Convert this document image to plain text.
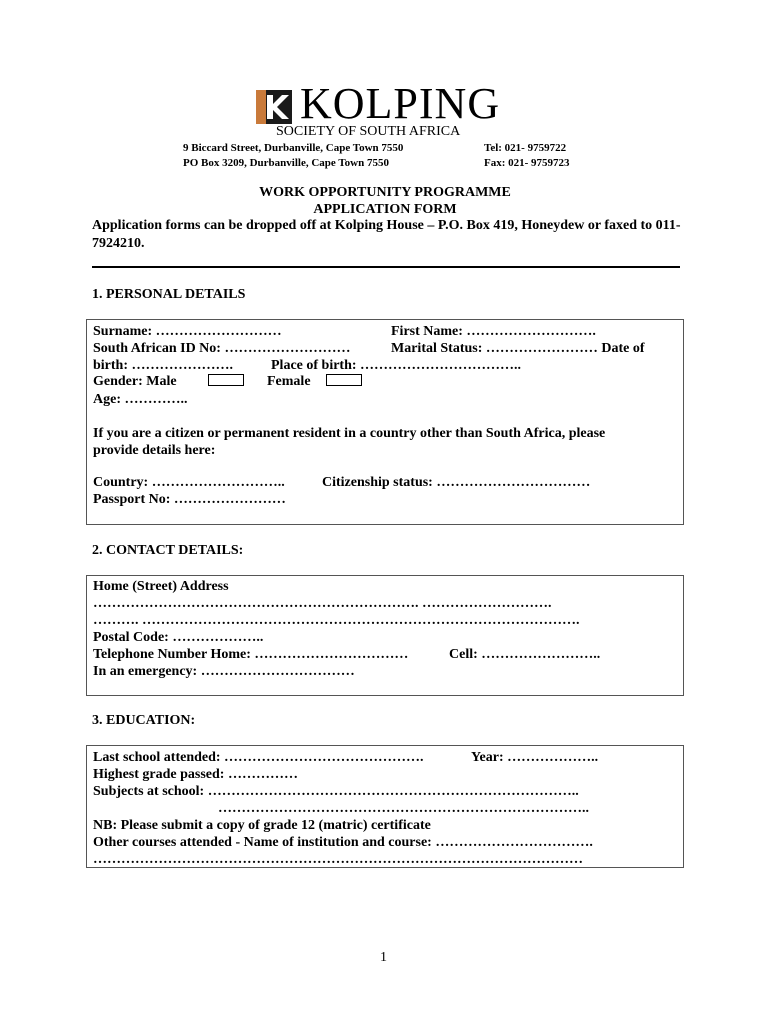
KOLPING
SOCIETY OF SOUTH AFRICA
9 Biccard Street, Durbanville, Cape Town 7550
PO Box 3209, Durbanville, Cape Town 7550
Tel: 021- 9759722
Fax: 021- 9759723
WORK OPPORTUNITY PROGRAMME
APPLICATION FORM
Application forms can be dropped off at Kolping House – P.O. Box 419, Honeydew or faxed to 011-7924210.
1. PERSONAL DETAILS
Surname: ………………………	First Name: ……………………….
South African ID No: ………………………	Marital Status: …………………… Date of
birth: ………………….	Place of birth: ……………………………..
Gender: Male	Female
Age: …………..
If you are a citizen or permanent resident in a country other than South Africa, please
provide details here:
Country: ………………………..	Citizenship status: ……………………………
Passport No: ……………………
2. CONTACT DETAILS:
Home (Street) Address
……………………………………………………………. ……………………….
………. ………………………………………………………………………………….
Postal Code: ………………..
Telephone Number Home: ……………………………	Cell: ……………………..
In an emergency: ……………………………
3. EDUCATION:
Last school attended: …………………………………….	Year: ………………..
Highest grade passed: ……………
Subjects at school: ……………………………………………………………………..
……………………………………………………………………..
NB: Please submit a copy of grade 12 (matric) certificate
Other courses attended - Name of institution and course: …………………………….
……………………………………………………………………………………………
1
